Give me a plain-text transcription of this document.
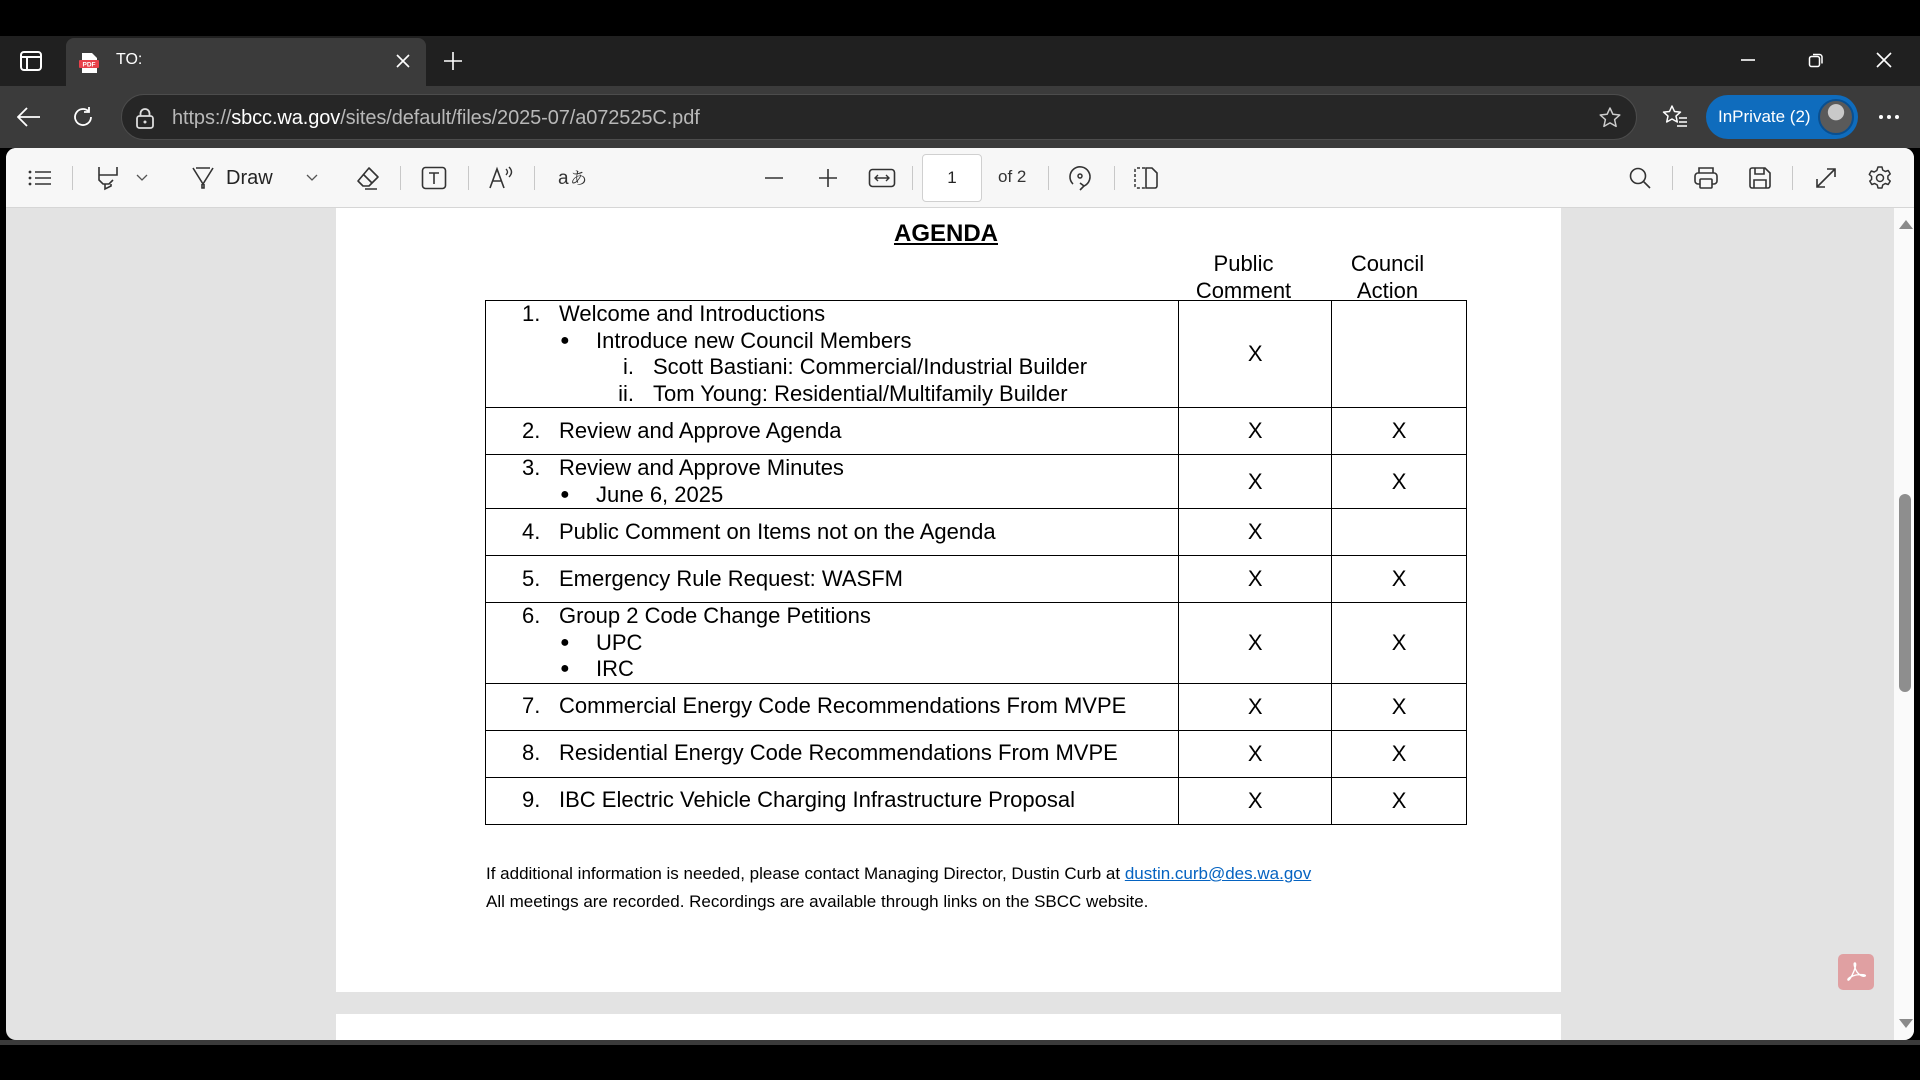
PDF TO:
https://sbcc.wa.gov/sites/default/files/2025-07/a072525C.pdf	InPrivate (2)
Draw	a あ	1 of 2
AGENDA
Public
Comment
Council
Action
1. Welcome and Introductions
● Introduce new Council Members
i. Scott Bastiani: Commercial/Industrial Builder
ii. Tom Young: Residential/Multifamily Builder
	X	

2. Review and Approve Agenda	X	X

3. Review and Approve Minutes
● June 6, 2025	X	X

4. Public Comment on Items not on the Agenda	X	

5. Emergency Rule Request: WASFM	X	X

6. Group 2 Code Change Petitions
● UPC
● IRC
	X	X

7. Commercial Energy Code Recommendations From MVPE	X	X

8. Residential Energy Code Recommendations From MVPE	X	X

9. IBC Electric Vehicle Charging Infrastructure Proposal	X	X
If additional information is needed, please contact Managing Director, Dustin Curb at dustin.curb@des.wa.gov
All meetings are recorded. Recordings are available through links on the SBCC website.
